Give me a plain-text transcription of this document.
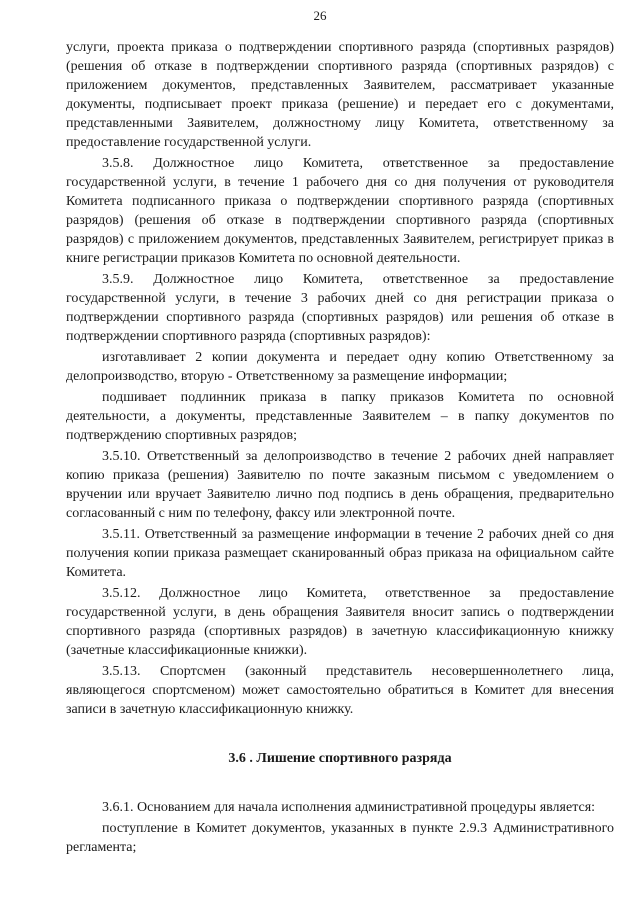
26

услуги, проекта приказа о подтверждении спортивного разряда (спортивных разрядов) (решения об отказе в подтверждении спортивного разряда (спортивных разрядов) с приложением документов, представленных Заявителем, рассматривает указанные документы, подписывает проект приказа (решение) и передает его с документами, представленными Заявителем, должностному лицу Комитета, ответственному за предоставление государственной услуги.

3.5.8. Должностное лицо Комитета, ответственное за предоставление государственной услуги, в течение 1 рабочего дня со дня получения от руководителя Комитета подписанного приказа о подтверждении спортивного разряда (спортивных разрядов) (решения об отказе в подтверждении спортивного разряда (спортивных разрядов) с приложением документов, представленных Заявителем, регистрирует приказ в книге регистрации приказов Комитета по основной деятельности.

3.5.9. Должностное лицо Комитета, ответственное за предоставление государственной услуги, в течение 3 рабочих дней со дня регистрации приказа о подтверждении спортивного разряда (спортивных разрядов) или решения об отказе в подтверждении спортивного разряда (спортивных разрядов):

изготавливает 2 копии документа и передает одну копию Ответственному за делопроизводство, вторую - Ответственному за размещение информации;

подшивает подлинник приказа в папку приказов Комитета по основной деятельности, а документы, представленные Заявителем – в папку документов по подтверждению спортивных разрядов;

3.5.10. Ответственный за делопроизводство в течение 2 рабочих дней направляет копию приказа (решения) Заявителю по почте заказным письмом с уведомлением о вручении или вручает Заявителю лично под подпись в день обращения, предварительно согласованный с ним по телефону, факсу или электронной почте.

3.5.11. Ответственный за размещение информации в течение 2 рабочих дней со дня получения копии приказа размещает сканированный образ приказа на официальном сайте Комитета.

3.5.12. Должностное лицо Комитета, ответственное за предоставление государственной услуги, в день обращения Заявителя вносит запись о подтверждении спортивного разряда (спортивных разрядов) в зачетную классификационную книжку (зачетные классификационные книжки).

3.5.13. Спортсмен (законный представитель несовершеннолетнего лица, являющегося спортсменом) может самостоятельно обратиться в Комитет для внесения записи в зачетную классификационную книжку.

3.6 . Лишение спортивного разряда

3.6.1. Основанием для начала исполнения административной процедуры является:

поступление в Комитет документов, указанных в пункте 2.9.3 Административного регламента;
